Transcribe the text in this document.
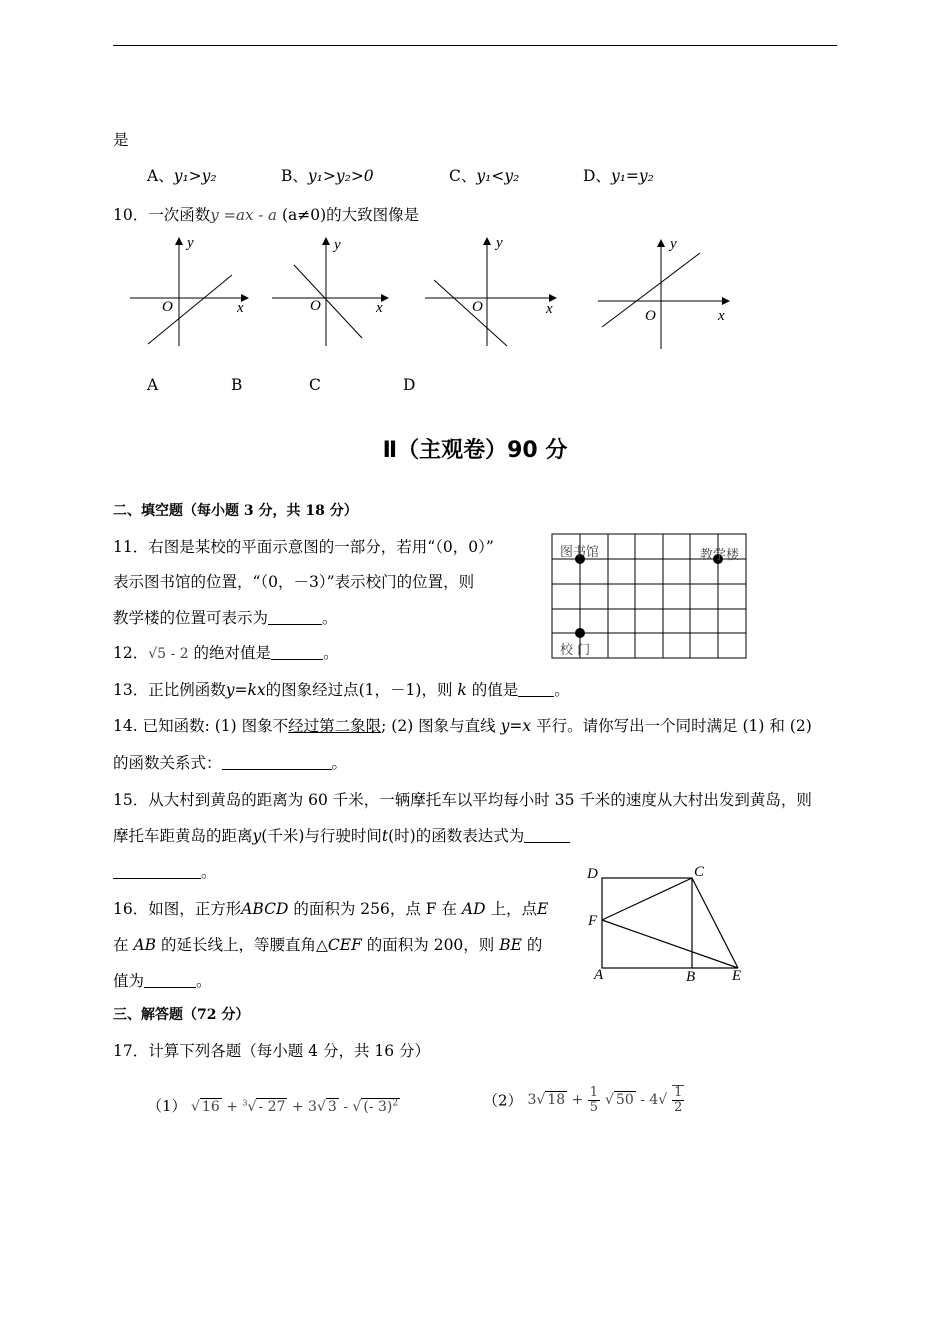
是
A、y₁>y₂	B、y₁>y₂>0	C、y₁<y₂	D、y₁=y₂
10．一次函数y =ax - a (a≠0)的大致图像是
y
x
O
y
x
O
y
x
O
y
x
O
A	B	C	D
Ⅱ（主观卷）90 分
二、填空题（每小题 3 分，共 18 分）
11．右图是某校的平面示意图的一部分，若用“（0，0）”
表示图书馆的位置，“（0，－3）”表示校门的位置，则
教学楼的位置可表示为	。
图书馆	教学楼
校 门
12．√5 - 2 的绝对值是	。
13．正比例函数y=kx的图象经过点(1，－1)，则 k 的值是 。
14. 已知函数: (1) 图象不经过第二象限; (2) 图象与直线 y=x 平行。请你写出一个同时满足 (1) 和 (2)
的函数关系式：	。
15．从大村到黄岛的距离为 60 千米，一辆摩托车以平均每小时 35 千米的速度从大村出发到黄岛，则
摩托车距黄岛的距离y(千米)与行驶时间t(时)的函数表达式为
。
16．如图，正方形ABCD 的面积为 256，点 F 在 AD 上，点E
在 AB 的延长线上，等腰直角△CEF 的面积为 200，则 BE 的
值为	。
D	C
F
A	B E
三、解答题（72 分）
17．计算下列各题（每小题 4 分，共 16 分）
（1） √ 16 + $^3$√ - 27 + 3√ 3 - √ (- 3)$^2$	（2） 3√ $18 + \frac{1}{5}$ √ $50 - 4√ \frac{1}{2}$
